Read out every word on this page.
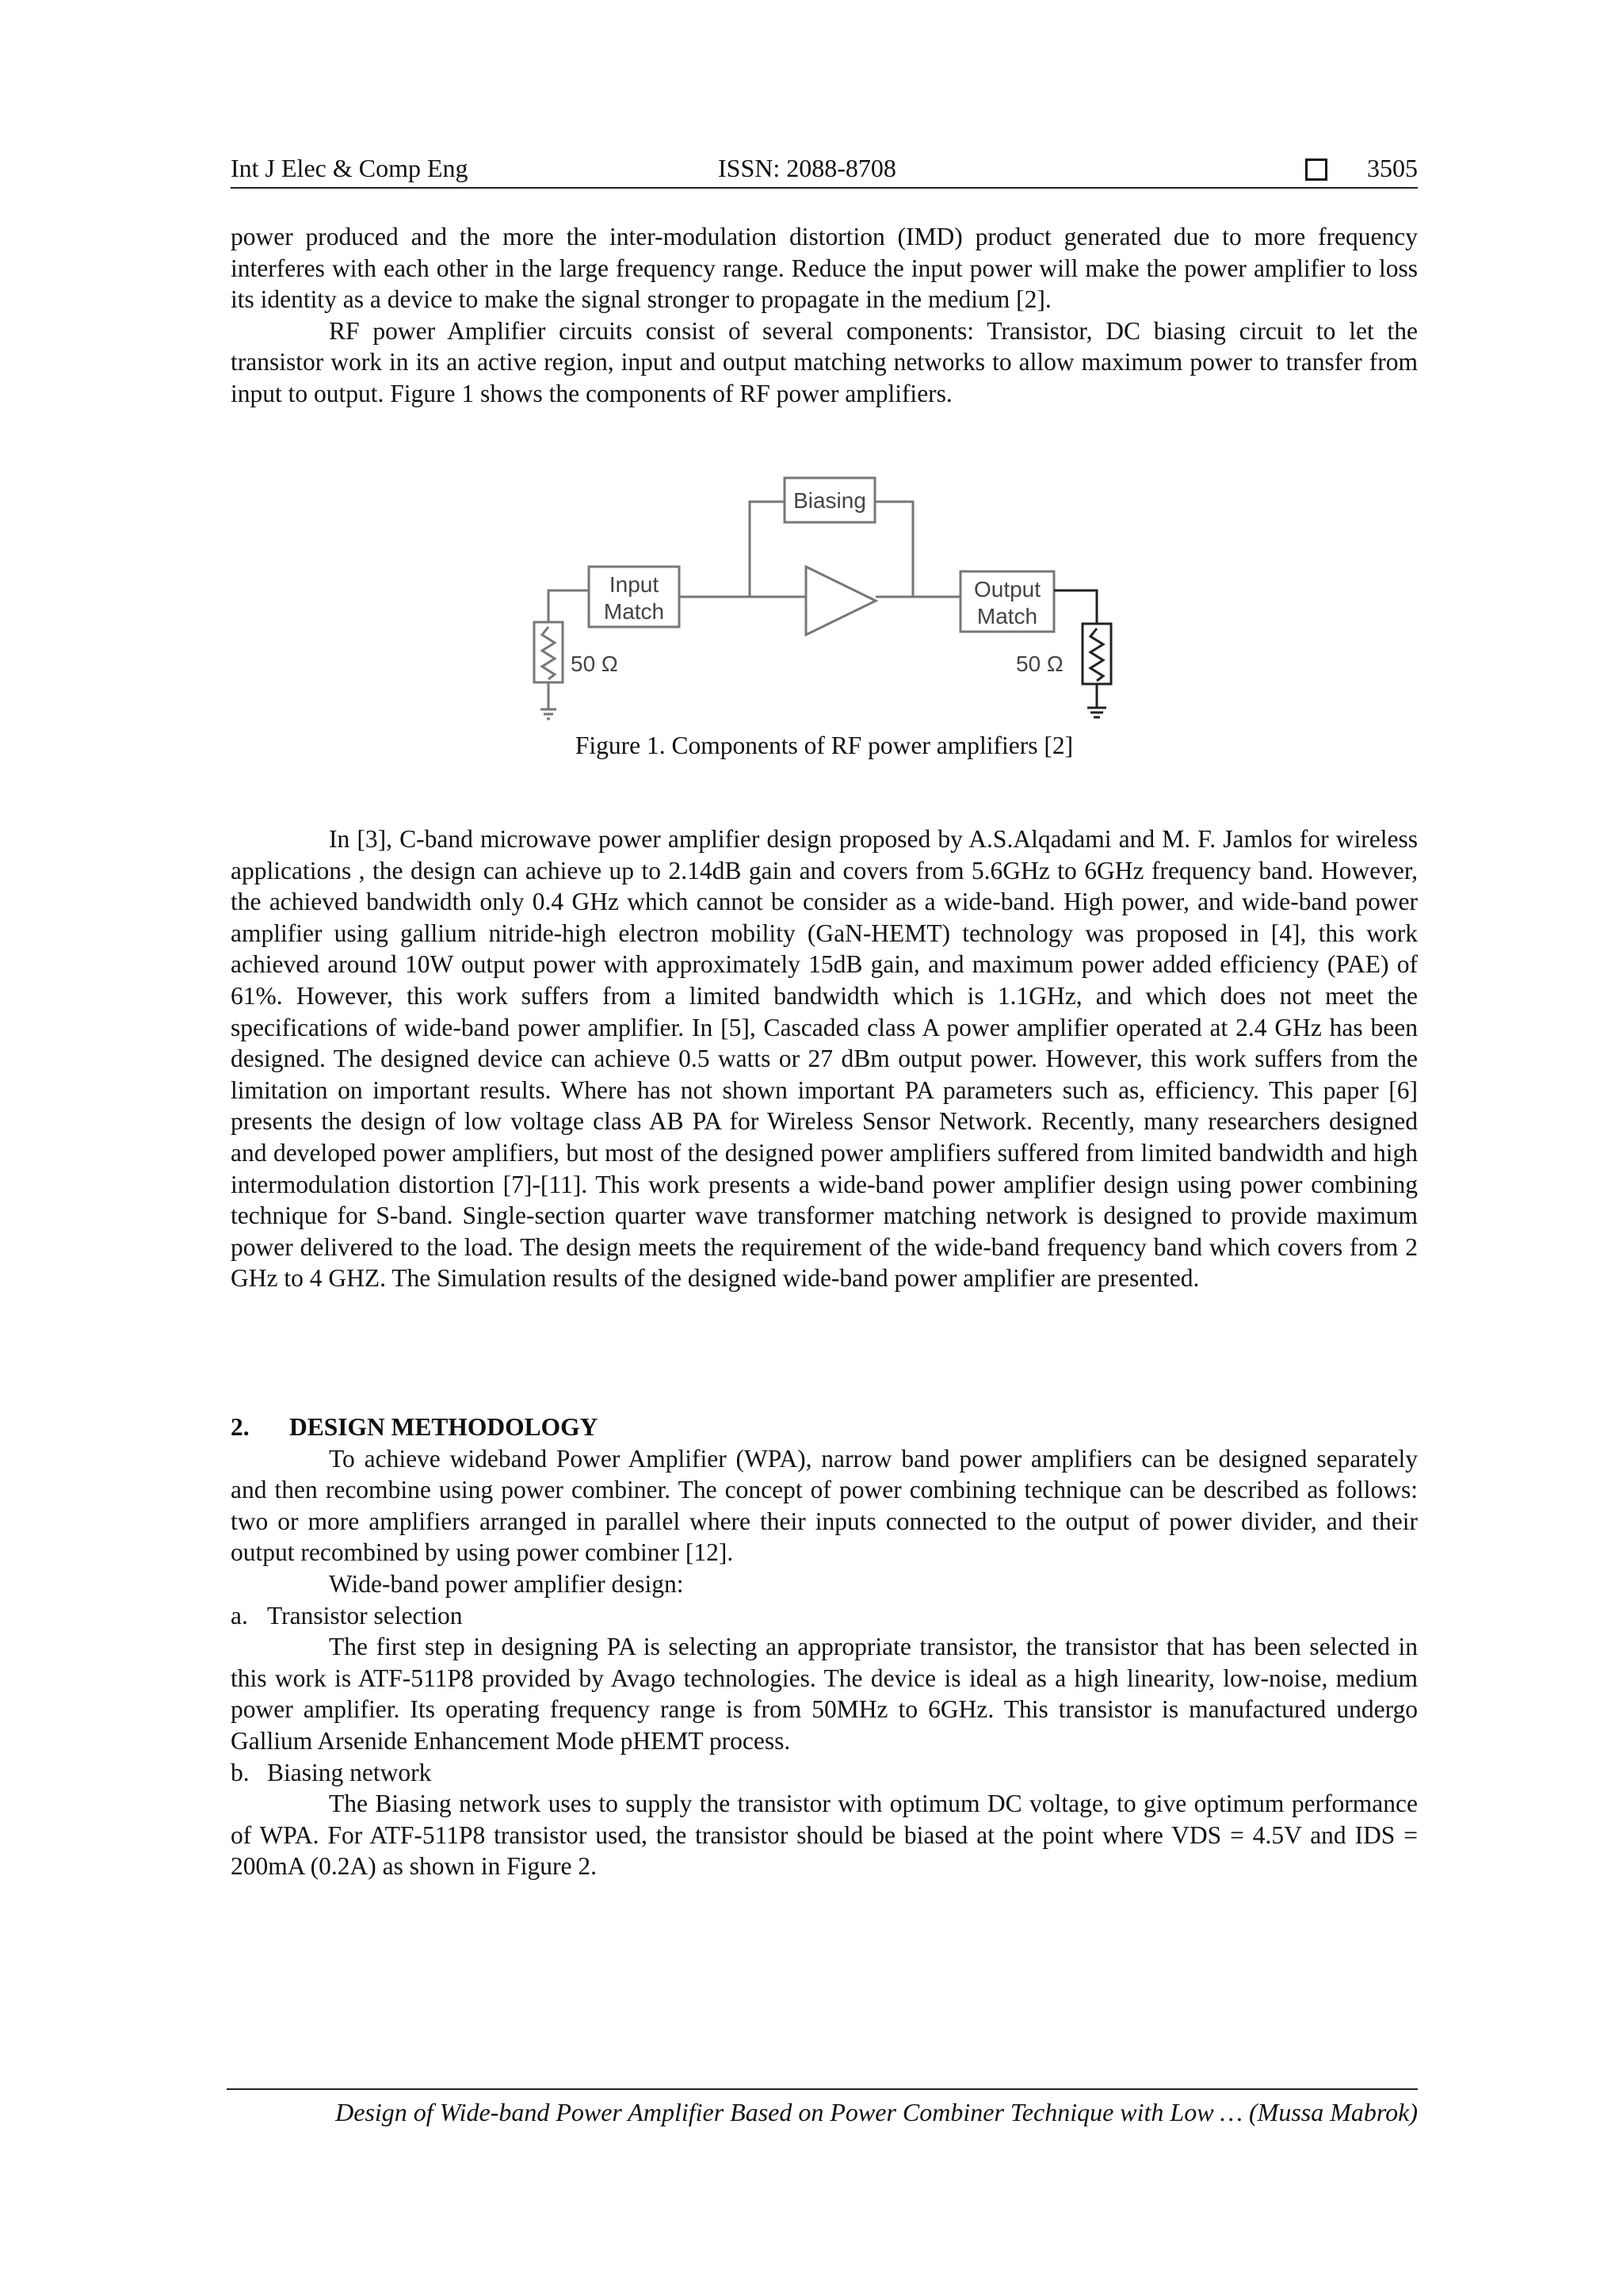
Int J Elec & Comp Eng	ISSN: 2088-8708	3505

power produced and the more the inter-modulation distortion (IMD) product generated due to more frequency interferes with each other in the large frequency range. Reduce the input power will make the power amplifier to loss its identity as a device to make the signal stronger to propagate in the medium [2].

RF power Amplifier circuits consist of several components: Transistor, DC biasing circuit to let the transistor work in its an active region, input and output matching networks to allow maximum power to transfer from input to output. Figure 1 shows the components of RF power amplifiers.

Biasing
Input
Match
Output
Match
50 Ω	50 Ω

Figure 1. Components of RF power amplifiers [2]

In [3], C-band microwave power amplifier design proposed by A.S.Alqadami and M. F. Jamlos for wireless applications , the design can achieve up to 2.14dB gain and covers from 5.6GHz to 6GHz frequency band. However, the achieved bandwidth only 0.4 GHz which cannot be consider as a wide-band. High power, and wide-band power amplifier using gallium nitride-high electron mobility (GaN-HEMT) technology was proposed in [4], this work achieved around 10W output power with approximately 15dB gain, and maximum power added efficiency (PAE) of 61%. However, this work suffers from a limited bandwidth which is 1.1GHz, and which does not meet the specifications of wide-band power amplifier. In [5], Cascaded class A power amplifier operated at 2.4 GHz has been designed. The designed device can achieve 0.5 watts or 27 dBm output power. However, this work suffers from the limitation on important results. Where has not shown important PA parameters such as, efficiency. This paper [6] presents the design of low voltage class AB PA for Wireless Sensor Network. Recently, many researchers designed and developed power amplifiers, but most of the designed power amplifiers suffered from limited bandwidth and high intermodulation distortion [7]-[11]. This work presents a wide-band power amplifier design using power combining technique for S-band. Single-section quarter wave transformer matching network is designed to provide maximum power delivered to the load. The design meets the requirement of the wide-band frequency band which covers from 2 GHz to 4 GHZ. The Simulation results of the designed wide-band power amplifier are presented.

2. DESIGN METHODOLOGY

To achieve wideband Power Amplifier (WPA), narrow band power amplifiers can be designed separately and then recombine using power combiner. The concept of power combining technique can be described as follows: two or more amplifiers arranged in parallel where their inputs connected to the output of power divider, and their output recombined by using power combiner [12].

Wide-band power amplifier design:

a. Transistor selection

The first step in designing PA is selecting an appropriate transistor, the transistor that has been selected in this work is ATF-511P8 provided by Avago technologies. The device is ideal as a high linearity, low-noise, medium power amplifier. Its operating frequency range is from 50MHz to 6GHz. This transistor is manufactured undergo Gallium Arsenide Enhancement Mode pHEMT process.

b. Biasing network

The Biasing network uses to supply the transistor with optimum DC voltage, to give optimum performance of WPA. For ATF-511P8 transistor used, the transistor should be biased at the point where VDS = 4.5V and IDS = 200mA (0.2A) as shown in Figure 2.

Design of Wide-band Power Amplifier Based on Power Combiner Technique with Low … (Mussa Mabrok)
